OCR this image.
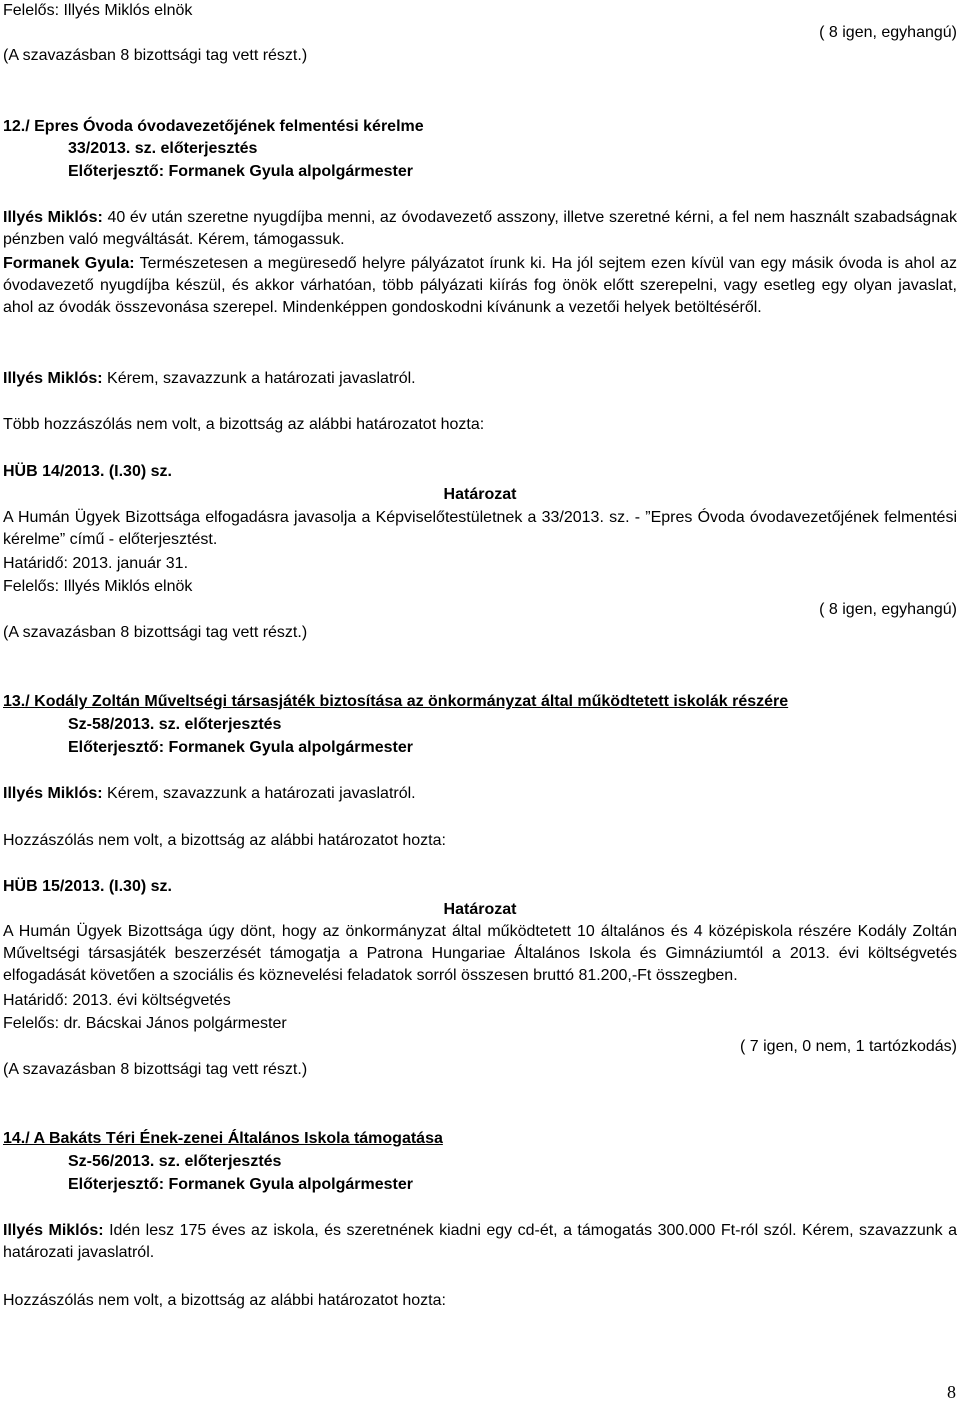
Felelős: Illyés Miklós elnök
( 8 igen, egyhangú)
(A szavazásban 8 bizottsági tag vett részt.)
12./ Epres Óvoda óvodavezetőjének felmentési kérelme
33/2013. sz. előterjesztés
Előterjesztő: Formanek Gyula alpolgármester
Illyés Miklós: 40 év után szeretne nyugdíjba menni, az óvodavezető asszony, illetve szeretné kérni, a fel nem használt szabadságnak pénzben való megváltását. Kérem, támogassuk.
Formanek Gyula: Természetesen a megüresedő helyre pályázatot írunk ki. Ha jól sejtem ezen kívül van egy másik óvoda is ahol az óvodavezető nyugdíjba készül, és akkor várhatóan, több pályázati kiírás fog önök előtt szerepelni, vagy esetleg egy olyan javaslat, ahol az óvodák összevonása szerepel. Mindenképpen gondoskodni kívánunk a vezetői helyek betöltéséről.
Illyés Miklós: Kérem, szavazzunk a határozati javaslatról.
Több hozzászólás nem volt, a bizottság az alábbi határozatot hozta:
HÜB 14/2013. (I.30) sz.
Határozat
A Humán Ügyek Bizottsága elfogadásra javasolja a Képviselőtestületnek a 33/2013. sz. - ”Epres Óvoda óvodavezetőjének felmentési kérelme” című - előterjesztést.
Határidő: 2013. január 31.
Felelős: Illyés Miklós elnök
( 8 igen, egyhangú)
(A szavazásban 8 bizottsági tag vett részt.)
13./ Kodály Zoltán Műveltségi társasjáték biztosítása az önkormányzat által működtetett iskolák részére
Sz-58/2013. sz. előterjesztés
Előterjesztő: Formanek Gyula alpolgármester
Illyés Miklós: Kérem, szavazzunk a határozati javaslatról.
Hozzászólás nem volt, a bizottság az alábbi határozatot hozta:
HÜB 15/2013. (I.30) sz.
Határozat
A Humán Ügyek Bizottsága úgy dönt, hogy az önkormányzat által működtetett 10 általános és 4 középiskola részére Kodály Zoltán Műveltségi társasjáték beszerzését támogatja a Patrona Hungariae Általános Iskola és Gimnáziumtól a 2013. évi költségvetés elfogadását követően a szociális és köznevelési feladatok sorról összesen bruttó 81.200,-Ft összegben.
Határidő: 2013. évi költségvetés
Felelős: dr. Bácskai János polgármester
( 7 igen, 0 nem, 1 tartózkodás)
(A szavazásban 8 bizottsági tag vett részt.)
14./ A Bakáts Téri Ének-zenei Általános Iskola támogatása
Sz-56/2013. sz. előterjesztés
Előterjesztő: Formanek Gyula alpolgármester
Illyés Miklós: Idén lesz 175 éves az iskola, és szeretnének kiadni egy cd-ét, a támogatás 300.000 Ft-ról szól. Kérem, szavazzunk a határozati javaslatról.
Hozzászólás nem volt, a bizottság az alábbi határozatot hozta:
8
